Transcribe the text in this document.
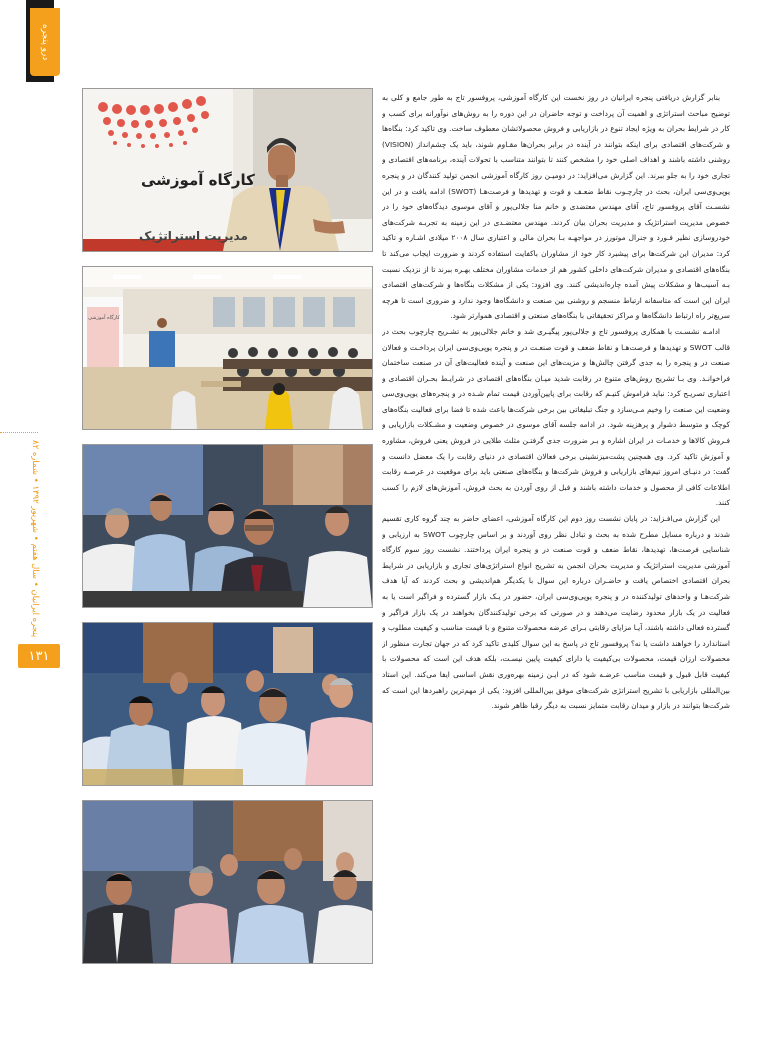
درو پنجره
پنجره ایرانیان • سال هفتم • شهریور ۱۳۹۲ • شماره ۸۲
۱۳۱
کارگاه آموزشی
مدیریت استراتژیک
کارگاه آموزشی

بنابر گزارش دریافتی پنجره ایرانیان در روز نخست این کارگاه آموزشی، پروفسور تاج به طور جامع و کلی به توضیح مباحث استراتژی و اهمیت آن پرداخت و توجه حاضران در این دوره را به روش‌های نوآورانه برای کسب و کار در شرایط بحران به ویژه ایجاد تنوع در بازاریابی و فروش محصولاتشان معطوف ساخت. وی تاکید کرد: بنگاه‌ها و شرکت‌های اقتصادی برای اینکه بتوانند در آینده در برابر بحران‌ها مقـاوم شوند، باید یک چشم‌انداز (VISION) روشنی داشته باشند و اهداف اصلی خود را مشخص کنند تا بتوانند متناسب با تحولات آینده، برنامه‌های اقتصادی و تجاری خود را به جلو ببرند. این گزارش می‌افزاید: در دومیـن روز کارگاه آموزشی انجمن تولید کنندگان در و پنجره یوپی‌وی‌سی ایران، بحث در چارچـوب نقاط ضعـف و قوت و تهدیدها و فرصت‌هـا (SWOT) ادامه یافت و در این نشسـت آقای پروفسور تاج، آقای مهندس معتضدی و خانم منا جلالی‌پور و آقای موسوی دیدگاه‌های خود را در خصوص مدیریت استراتژیک و مدیریت بحران بیان کردند. مهندس معتضـدی در این زمینه به تجربـه شرکت‌های خودروسازی نظیر فـورد و جنرال موتورز در مواجهـه بـا بحران مالی و اعتباری سال ۲۰۰۸ میلادی اشـاره و تاکید کرد: مدیران این شرکت‌ها برای پیشبرد کار خود از مشاوران باکفایت استفاده کردند و ضرورت ایجاب می‌کند تا بنگاه‌های اقتصادی و مدیران شرکت‌های داخلی کشور هم از خدمات مشاوران مختلف بهـره ببرند تا از نزدیک نسبت بـه آسیب‌ها و مشکلات پیش آمده چاره‌اندیشی کنند. وی افزود: یکی از مشکلات بنگاه‌ها و شرکت‌های اقتصادی ایران این است که متاسفانه ارتباط منسجم و روشنی بین صنعت و دانشگاه‌ها وجود ندارد و ضروری است تا هرچه سریع‌تر راه ارتباط دانشگاه‌ها و مراکز تحقیقاتی با بنگاه‌های صنعتی و اقتصادی هموارتر شود.

ادامـه نشسـت با همکاری پروفسور تاج و جلالی‌پور پیگیـری شد و خانم جلالی‌پور به تشـریح چارچوب بحث در قالب SWOT و تهدیدها و فرصت‌هـا و نقاط ضعف و قوت صنعـت در و پنجره یوپی‌وی‌سی ایران پرداخـت و فعالان صنعت در و پنجره را به جدی گرفتن چالش‌ها و مزیت‌های این صنعت و آینده فعالیت‌های آن در صنعت ساختمان فراخوانـد. وی بـا تشریح روش‌های متنوع در رقابت شدید میـان بنگاه‌های اقتصادی در شرایـط بحـران اقتصادی و اعتباری تصریـح کرد: نباید فراموش کنیـم که رقابت برای پایین‌آوردن قیمت تمام شـده در و پنجره‌های یوپی‌وی‌سی وضعیت این صنعت را وخیم مـی‌سازد و جنگ تبلیغاتی بین برخی شرکت‌ها باعث شده تا فضا برای فعالیت بنگاه‌های کوچک و متوسط دشوار و پرهزینه شود. در ادامه جلسه آقای موسوی در خصوص وضعیت و مشـکلات بازاریابی و فـروش کالاها و خدمـات در ایران اشاره و بـر ضرورت جدی گرفتـن مثلث طلایی در فروش یعنی فروش، مشاوره و آموزش تاکید کرد. وی همچنین پشت‌میزنشینی برخی فعالان اقتصادی در دنیای رقابت را یک معضل دانست و گفت: در دنیـای امروز تیم‌های بازاریابی و فروش شرکت‌ها و بنگاه‌های صنعتی باید برای موقعیت در عرصـه رقابت اطلاعات کافی از محصول و خدمات داشته باشند و قبل از روی آوردن به بحث فروش، آموزش‌های لازم را کسب کنند.

این گزارش می‌افـزاید: در پایان نشست روز دوم این کارگاه آموزشی، اعضای حاضر به چند گروه کاری تقسیم شدند و درباره مسایل مطرح شده به بحث و تبادل نظر روی آوردند و بر اساس چارچوب SWOT به ارزیابی و شناسایی فرصت‌ها، تهدیدها، نقاط ضعف و قوت صنعت در و پنجره ایران پرداختند. نشست روز سوم کارگاه آموزشی مدیریت استراتژیک و مدیریت بحران انجمن به تشریح انواع استراتژی‌های تجاری و بازاریابی در شرایط بحران اقتصادی اختصاص یافت و حاضـران درباره این سوال با یکدیگر هم‌اندیشی و بحث کردند که آیا هدف شرکت‌هـا و واحدهای تولیدکننده در و پنجره یوپی‌وی‌سی ایران، حضور در یـک بازار گسترده و فراگیر است یا به فعالیت در یک بازار محدود رضایت می‌دهند و در صورتی که برخی تولیدکنندگان بخواهند در یک بازار فراگیر و گسترده فعالی داشته باشند، آیـا مزایای رقابتی بـرای عرضه محصولات متنوع و با قیمت مناسب و کیفیت مطلوب و استاندارد را خواهند داشت یا نه؟ پروفسور تاج در پاسخ به این سوال کلیدی تاکید کرد که در جهان تجارت منظور از محصولات ارزان قیمت، محصولات بی‌کیفیت یا دارای کیفیت پایین نیسـت، بلکه هدف این است که محصولات با کیفیت قابل قبول و قیمت مناسب عرضـه شود که در ایـن زمینه بهره‌وری نقش اساسی ایفا می‌کند. این استاد بین‌المللی بازاریابی با تشریح استراتژی شرکت‌های موفق بین‌المللی افزود: یکی از مهم‌ترین راهبردها این است که شرکت‌ها بتوانند در بازار و میدان رقابت متمایز نسبت به دیگر رقبا ظاهر شوند.
